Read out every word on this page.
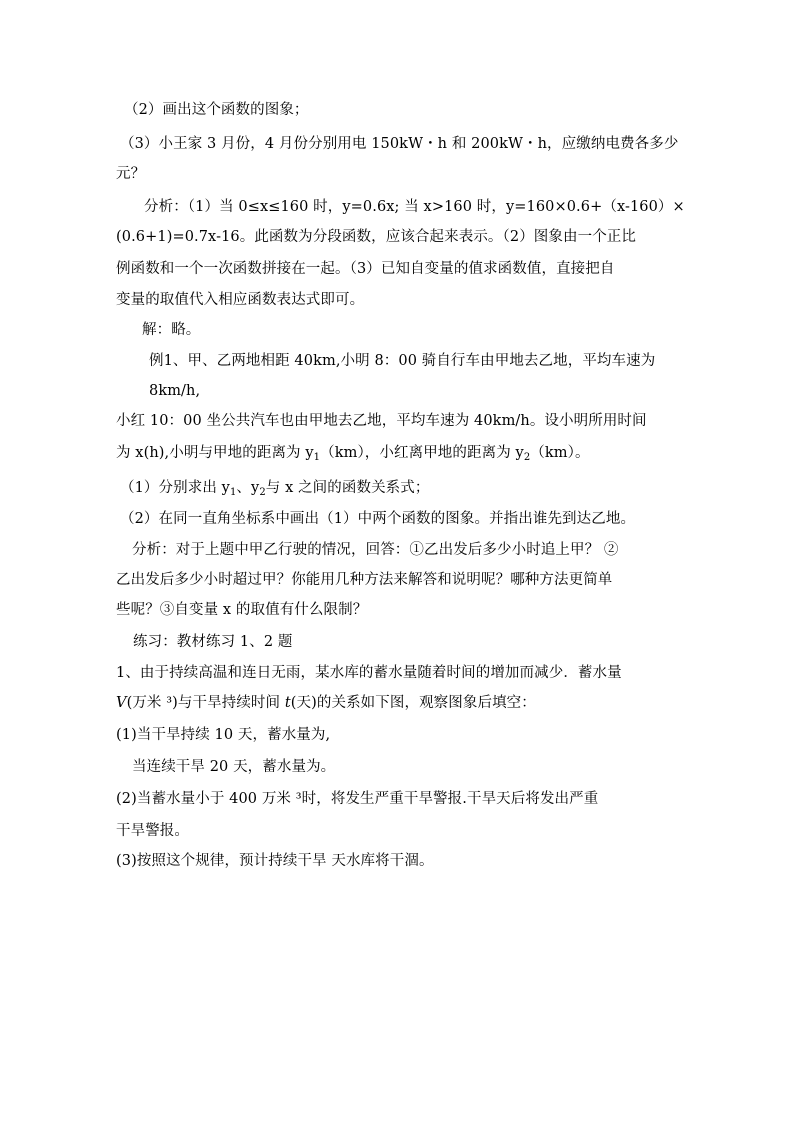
（2）画出这个函数的图象；
（3）小王家 3 月份，4 月份分别用电 150kW・h 和 200kW・h，应缴纳电费各多少
元？
分析：（1）当 0≤x≤160 时，y=0.6x; 当 x>160 时，y=160×0.6+（x-160）×
(0.6+1)=0.7x-16。此函数为分段函数，应该合起来表示。（2）图象由一个正比
例函数和一个一次函数拼接在一起。（3）已知自变量的值求函数值，直接把自
变量的取值代入相应函数表达式即可。
解：略。
例1、甲、乙两地相距 40km,小明 8：00 骑自行车由甲地去乙地，平均车速为
8km/h,
小红 10：00 坐公共汽车也由甲地去乙地，平均车速为 40km/h。设小明所用时间
为 x(h),小明与甲地的距离为 $y_1(km)$，小红离甲地的距离为 $y_2(km)$。
（1）分别求出 $y_1$、$y_2$与 x 之间的函数关系式；
（2）在同一直角坐标系中画出（1）中两个函数的图象。并指出谁先到达乙地。
分析：对于上题中甲乙行驶的情况，回答：①乙出发后多少小时追上甲？ ②
乙出发后多少小时超过甲？你能用几种方法来解答和说明呢？哪种方法更简单
些呢？③自变量 x 的取值有什么限制？
练习：教材练习 1、2 题
1、由于持续高温和连日无雨，某水库的蓄水量随着时间的增加而减少．蓄水量
V(万米 ³)与干旱持续时间 t(天)的关系如下图，观察图象后填空：
(1)当干旱持续 10 天，蓄水量为,
当连续干旱 20 天，蓄水量为。
(2)当蓄水量小于 400 万米 ³时，将发生严重干旱警报.干旱天后将发出严重
干旱警报。
(3)按照这个规律，预计持续干旱 天水库将干涸。
